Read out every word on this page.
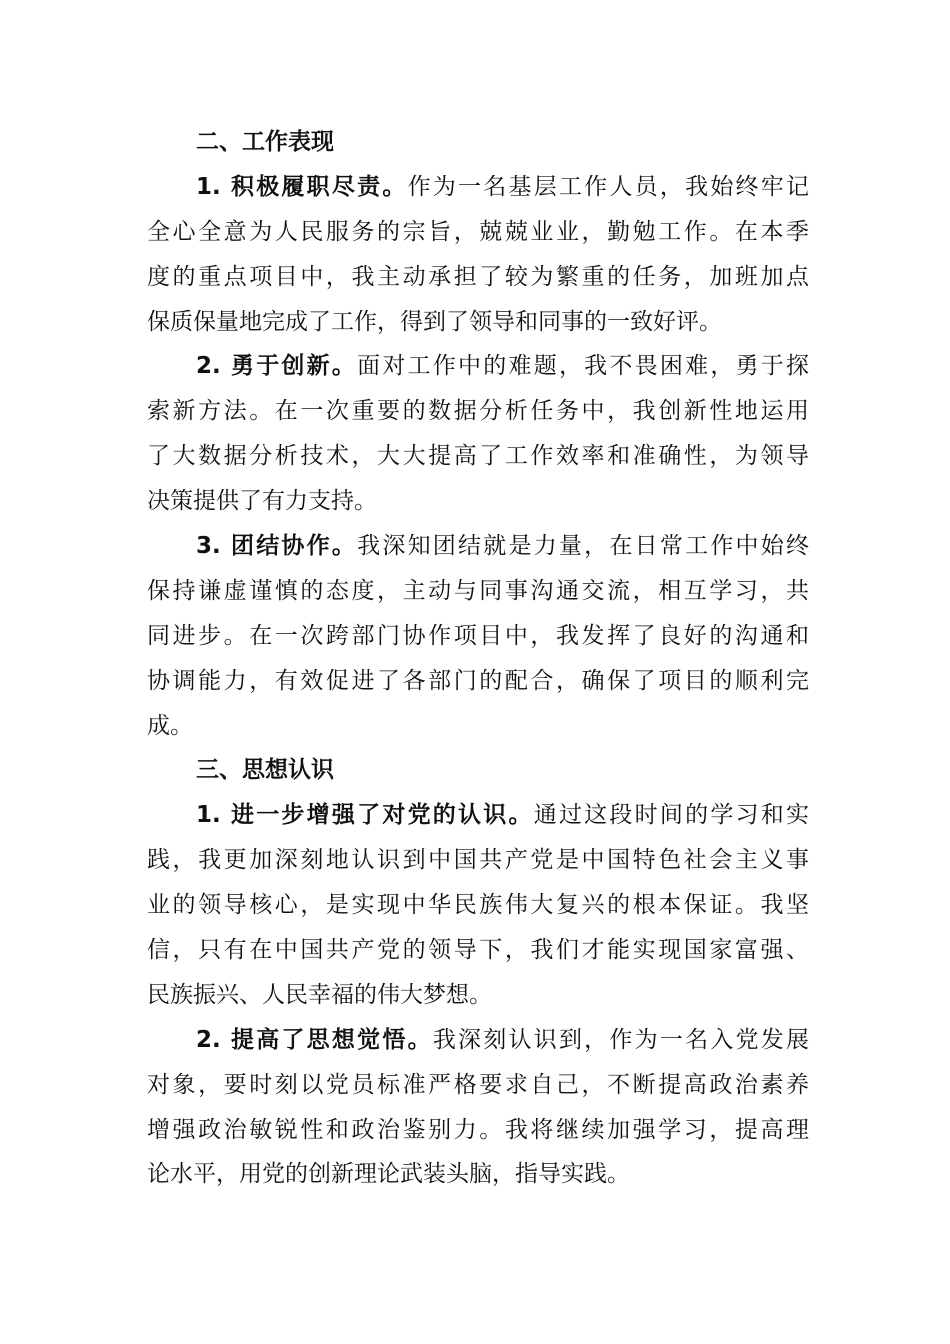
二、工作表现
1. 积极履职尽责。作为一名基层工作人员，我始终牢记
全心全意为人民服务的宗旨，兢兢业业，勤勉工作。在本季
度的重点项目中，我主动承担了较为繁重的任务，加班加点
保质保量地完成了工作，得到了领导和同事的一致好评。
2. 勇于创新。面对工作中的难题，我不畏困难，勇于探
索新方法。在一次重要的数据分析任务中，我创新性地运用
了大数据分析技术，大大提高了工作效率和准确性，为领导
决策提供了有力支持。
3. 团结协作。我深知团结就是力量，在日常工作中始终
保持谦虚谨慎的态度，主动与同事沟通交流，相互学习，共
同进步。在一次跨部门协作项目中，我发挥了良好的沟通和
协调能力，有效促进了各部门的配合，确保了项目的顺利完
成。
三、思想认识
1. 进一步增强了对党的认识。通过这段时间的学习和实
践，我更加深刻地认识到中国共产党是中国特色社会主义事
业的领导核心，是实现中华民族伟大复兴的根本保证。我坚
信，只有在中国共产党的领导下，我们才能实现国家富强、
民族振兴、人民幸福的伟大梦想。
2. 提高了思想觉悟。我深刻认识到，作为一名入党发展
对象，要时刻以党员标准严格要求自己，不断提高政治素养
增强政治敏锐性和政治鉴别力。我将继续加强学习，提高理
论水平，用党的创新理论武装头脑，指导实践。
